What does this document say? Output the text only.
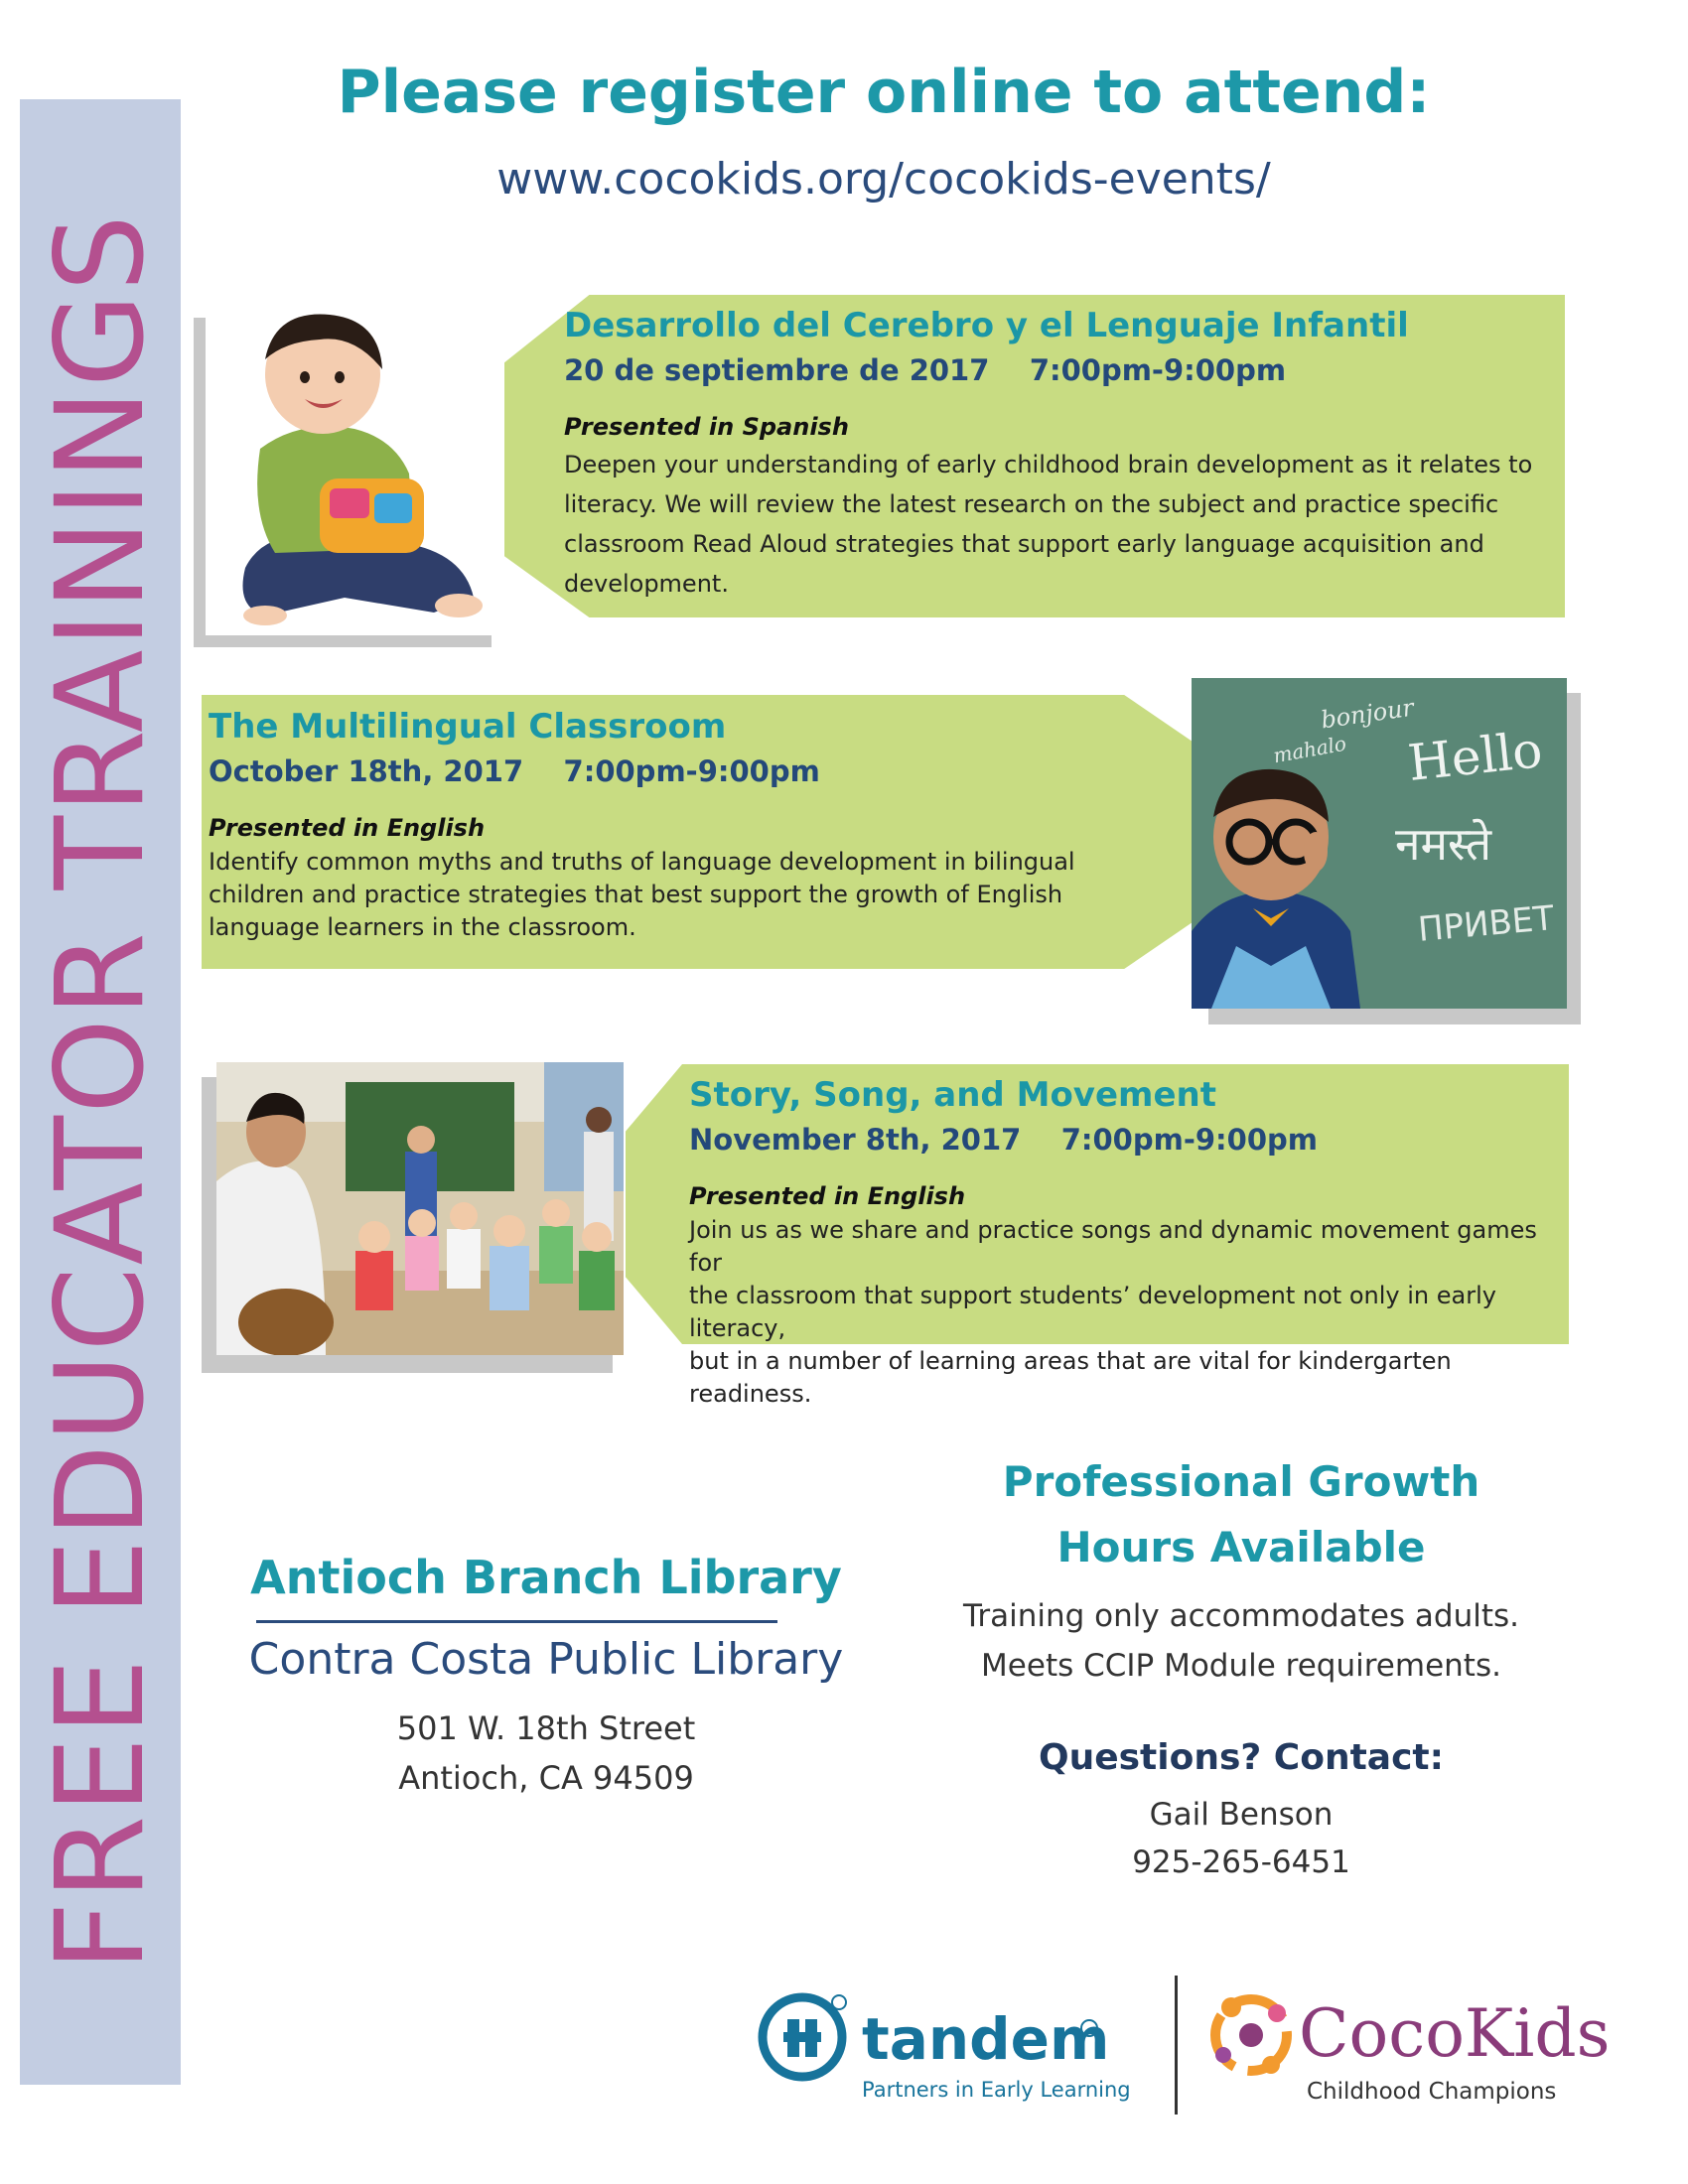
FREE EDUCATOR TRAININGS
Please register online to attend:
www.cocokids.org/cocokids-events/
Desarrollo del Cerebro y el Lenguaje Infantil
20 de septiembre de 2017 7:00pm-9:00pm
Presented in Spanish
Deepen your understanding of early childhood brain development as it relates to
literacy. We will review the latest research on the subject and practice specific
classroom Read Aloud strategies that support early language acquisition and
development.
The Multilingual Classroom
October 18th, 2017 7:00pm-9:00pm
Presented in English
Identify common myths and truths of language development in bilingual
children and practice strategies that best support the growth of English
language learners in the classroom.
bonjour
mahalo Hello
नमस्ते
ПРИВЕТ
Story, Song, and Movement
November 8th, 2017 7:00pm-9:00pm
Presented in English
Join us as we share and practice songs and dynamic movement games for
the classroom that support students’ development not only in early literacy,
but in a number of learning areas that are vital for kindergarten readiness.
Antioch Branch Library
Contra Costa Public Library
501 W. 18th Street
Antioch, CA 94509
Professional Growth
Hours Available
Training only accommodates adults.
Meets CCIP Module requirements.
Questions? Contact:
Gail Benson
925-265-6451
tandem
Partners in Early Learning
CocoKids
Childhood Champions
